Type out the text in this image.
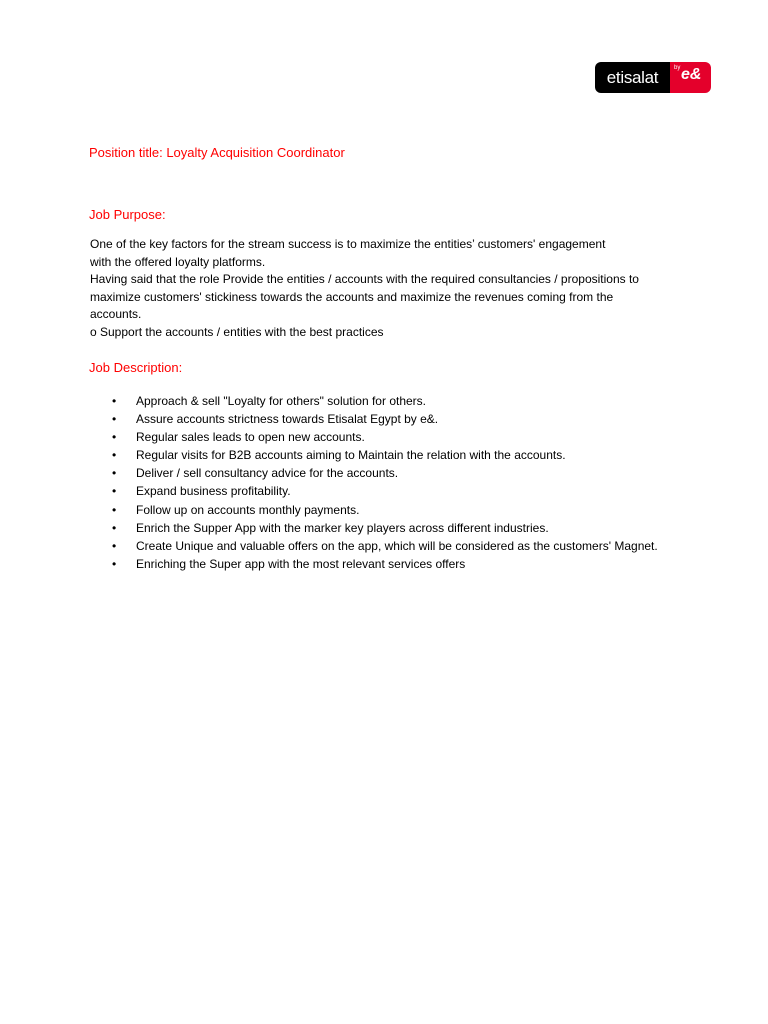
etisalat	by e&
Position title: Loyalty Acquisition Coordinator
Job Purpose:
One of the key factors for the stream success is to maximize the entities’ customers' engagement
with the offered loyalty platforms.
Having said that the role Provide the entities / accounts with the required consultancies / propositions to
maximize customers' stickiness towards the accounts and maximize the revenues coming from the
accounts.
o Support the accounts / entities with the best practices
Job Description:
• Approach & sell "Loyalty for others" solution for others.
• Assure accounts strictness towards Etisalat Egypt by e&.
• Regular sales leads to open new accounts.
• Regular visits for B2B accounts aiming to Maintain the relation with the accounts.
• Deliver / sell consultancy advice for the accounts.
• Expand business profitability.
• Follow up on accounts monthly payments.
• Enrich the Supper App with the marker key players across different industries.
• Create Unique and valuable offers on the app, which will be considered as the customers' Magnet.
• Enriching the Super app with the most relevant services offers
